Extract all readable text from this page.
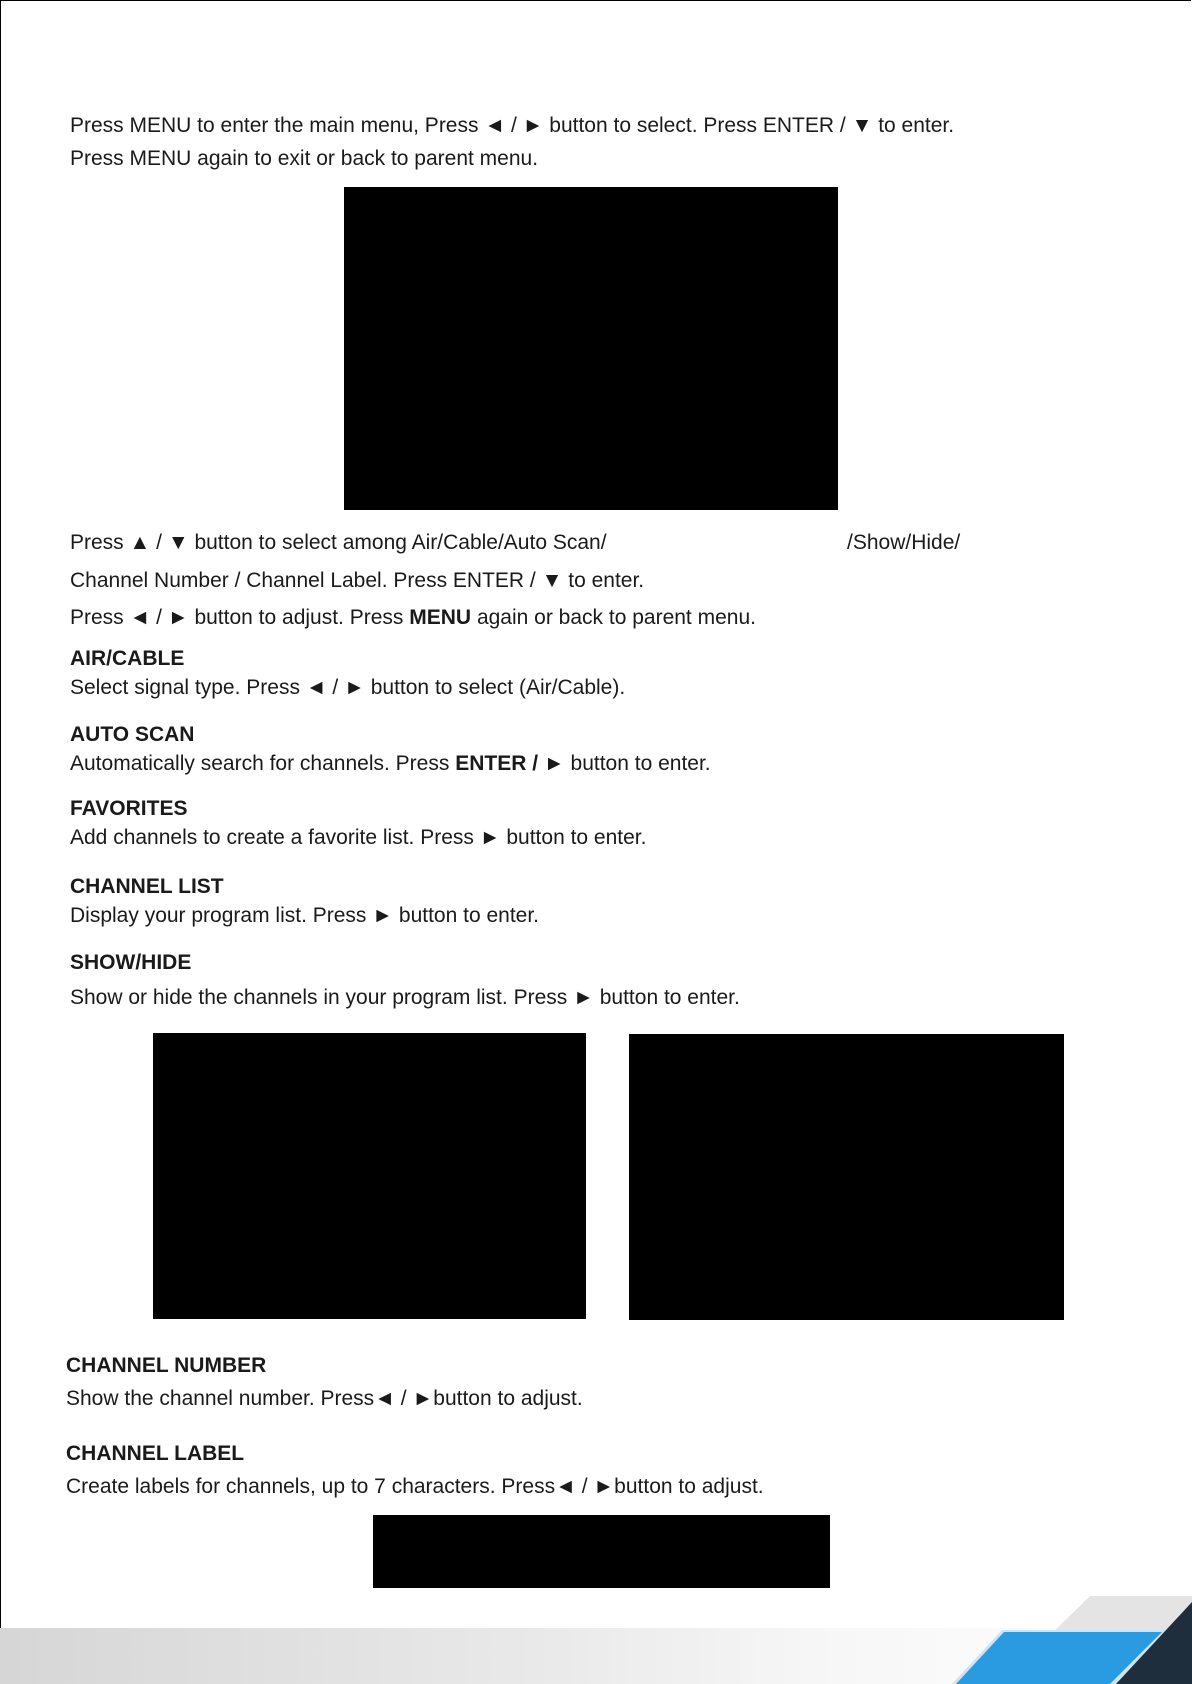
Press MENU to enter the main menu, Press ◄ / ► button to select. Press ENTER / ▼ to enter.
Press MENU again to exit or back to parent menu.
Press ▲ / ▼ button to select among Air/Cable/Auto Scan/	/Show/Hide/
Channel Number / Channel Label. Press ENTER / ▼ to enter.
Press ◄ / ► button to adjust. Press MENU again or back to parent menu.
AIR/CABLE
Select signal type. Press ◄ / ► button to select (Air/Cable).
AUTO SCAN
Automatically search for channels. Press ENTER / ► button to enter.
FAVORITES
Add channels to create a favorite list. Press ► button to enter.
CHANNEL LIST
Display your program list. Press ► button to enter.
SHOW/HIDE
Show or hide the channels in your program list. Press ► button to enter.
CHANNEL NUMBER
Show the channel number. Press◄ / ►button to adjust.
CHANNEL LABEL
Create labels for channels, up to 7 characters. Press◄ / ►button to adjust.
